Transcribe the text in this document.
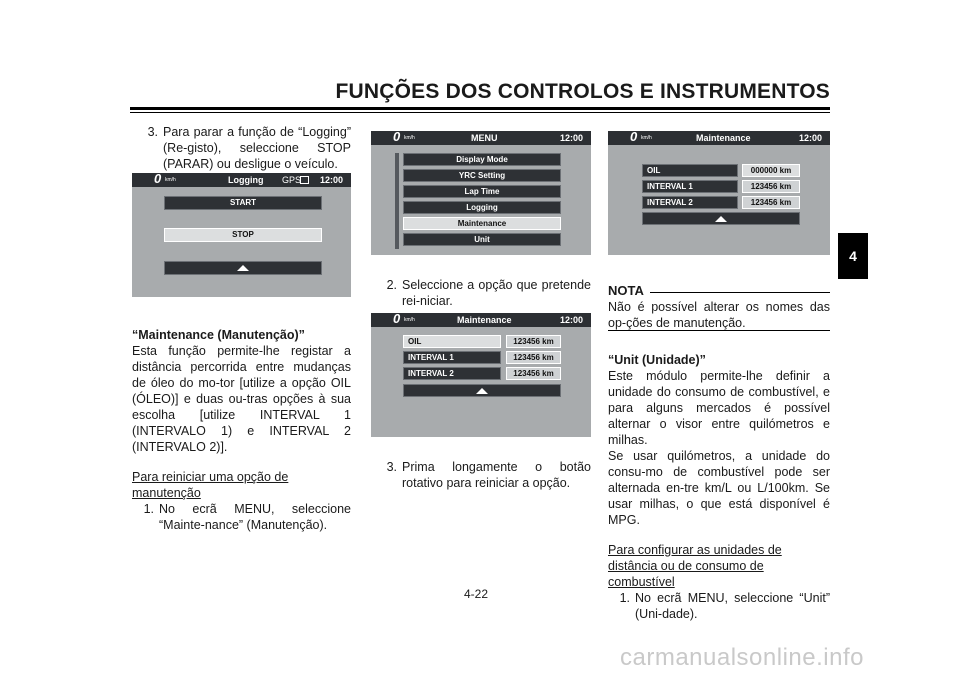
FUNÇÕES DOS CONTROLOS E INSTRUMENTOS
4
3. Para parar a função de “Logging” (Re-gisto), seleccione STOP (PARAR) ou desligue o veículo.
0 km/h	Logging GPS 12:00
START
STOP

“Maintenance (Manutenção)”

Esta função permite-lhe registar a distância percorrida entre mudanças de óleo do mo-tor [utilize a opção OIL (ÓLEO)] e duas ou-tras opções à sua escolha [utilize INTERVAL 1 (INTERVALO 1) e INTERVAL 2 (INTERVALO 2)].

Para reiniciar uma opção de manutenção

1. No ecrã MENU, seleccione “Mainte-nance” (Manutenção).
0 km/h	MENU	12:00
Display Mode
YRC Setting
Lap Time
Logging
Maintenance
Unit
2. Seleccione a opção que pretende rei-niciar.
0 km/h	Maintenance	12:00
OIL	123456 km
INTERVAL 1	123456 km
INTERVAL 2	123456 km
3. Prima longamente o botão rotativo para reiniciar a opção.
0 km/h	Maintenance	12:00
OIL	000000 km
INTERVAL 1	123456 km
INTERVAL 2	123456 km
NOTA

Não é possível alterar os nomes das op-ções de manutenção.

“Unit (Unidade)”

Este módulo permite-lhe definir a unidade do consumo de combustível, e para alguns mercados é possível alternar o visor entre quilómetros e milhas.

Se usar quilómetros, a unidade do consu-mo de combustível pode ser alternada en-tre km/L ou L/100km. Se usar milhas, o que está disponível é MPG.

Para configurar as unidades de distância ou de consumo de combustível

1. No ecrã MENU, seleccione “Unit” (Uni-dade).
4-22
carmanualsonline.info
